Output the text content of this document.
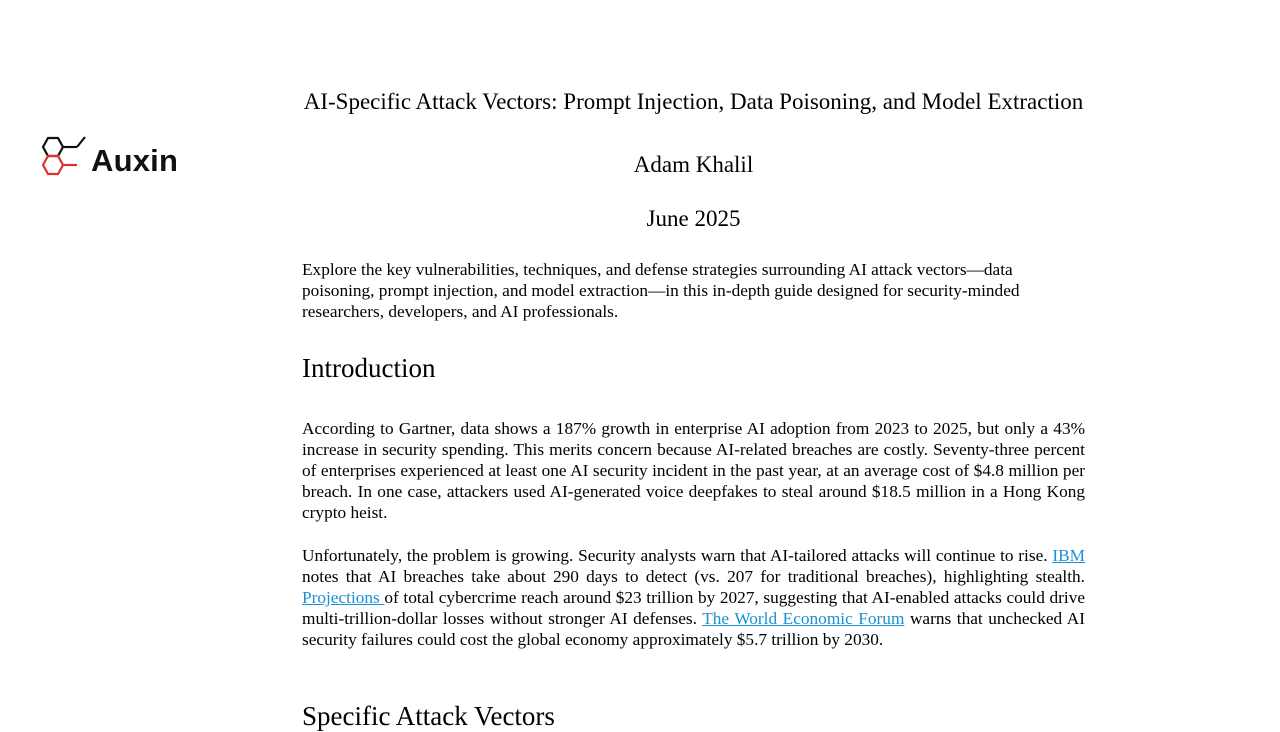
Auxin
AI-Specific Attack Vectors: Prompt Injection, Data Poisoning, and Model Extraction
Adam Khalil
June 2025

Explore the key vulnerabilities, techniques, and defense strategies surrounding AI attack vectors—data poisoning, prompt injection, and model extraction—in this in-depth guide designed for security-minded researchers, developers, and AI professionals.

Introduction

According to Gartner, data shows a 187% growth in enterprise AI adoption from 2023 to 2025, but only a 43% increase in security spending. This merits concern because AI-related breaches are costly. Seventy-three percent of enterprises experienced at least one AI security incident in the past year, at an average cost of $4.8 million per breach. In one case, attackers used AI-generated voice deepfakes to steal around $18.5 million in a Hong Kong crypto heist.

Unfortunately, the problem is growing. Security analysts warn that AI-tailored attacks will continue to rise. IBM notes that AI breaches take about 290 days to detect (vs. 207 for traditional breaches), highlighting stealth. Projections of total cybercrime reach around $23 trillion by 2027, suggesting that AI-enabled attacks could drive multi-trillion-dollar losses without stronger AI defenses. The World Economic Forum warns that unchecked AI security failures could cost the global economy approximately $5.7 trillion by 2030.

Specific Attack Vectors
